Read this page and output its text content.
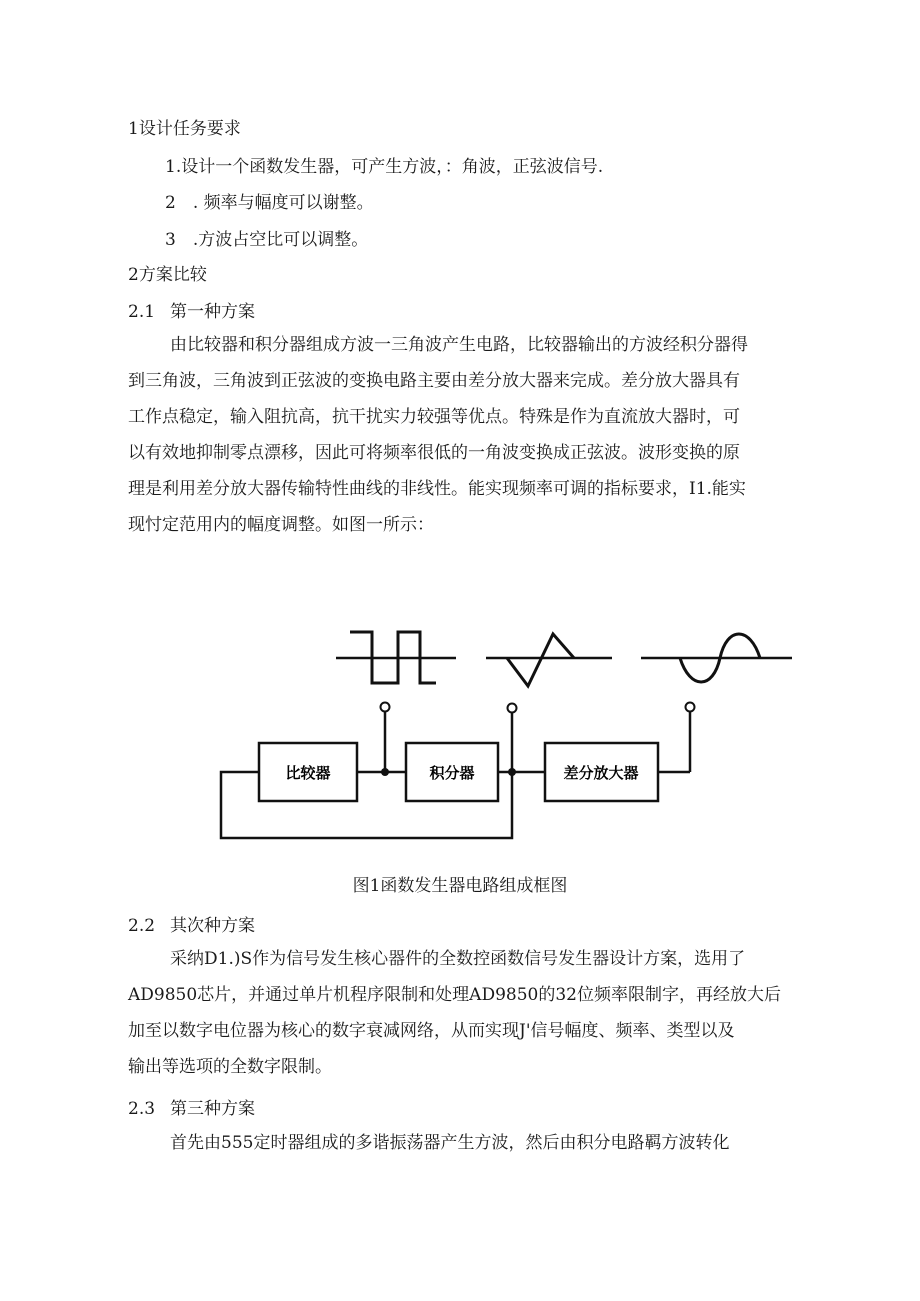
1设计任务要求
1.设计一个函数发生器，可产生方波，：角波，正弦波信号.
2　. 频率与幅度可以谢整。
3　.方波占空比可以调整。
2方案比较
2.1 第一种方案
由比较器和积分器组成方波一三角波产生电路，比较器输出的方波经积分器得
到三角波，三角波到正弦波的变换电路主要由差分放大器来完成。差分放大器具有
工作点稳定，输入阻抗高，抗干扰实力较强等优点。特殊是作为直流放大器时，可
以有效地抑制零点漂移，因此可将频率很低的一角波变换成正弦波。波形变换的原
理是利用差分放大器传输特性曲线的非线性。能实现频率可调的指标要求，I1.能实
现忖定范用内的幅度调整。如图一所示：
比较器	积分器	差分放大器
图1函数发生器电路组成框图
2.2 其次种方案
采纳D1.)S作为信号发生核心器件的全数控函数信号发生器设计方案，选用了
AD9850芯片，并通过单片机程序限制和处理AD9850的32位频率限制字，再经放大后
加至以数字电位器为核心的数字衰减网络，从而实现J'信号幅度、频率、类型以及
输出等选项的全数字限制。
2.3 第三种方案
首先由555定时器组成的多谐振荡器产生方波，然后由积分电路羁方波转化
